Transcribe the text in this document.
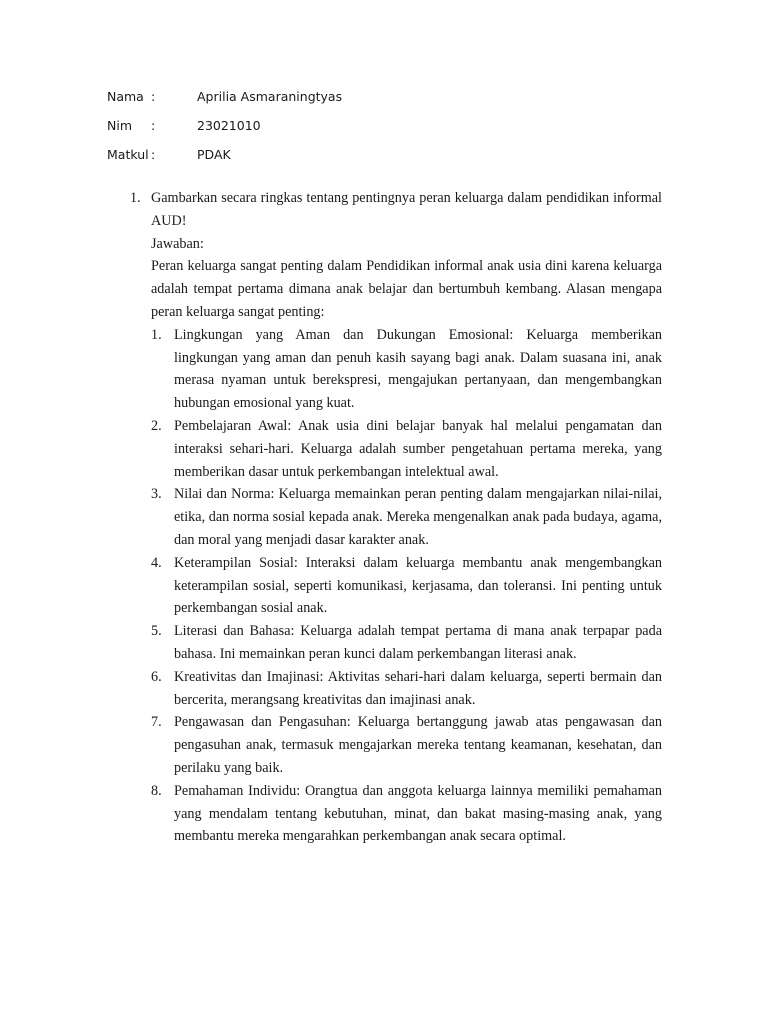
Nama :	Aprilia Asmaraningtyas
Nim :	23021010
Matkul :	PDAK
1. Gambarkan secara ringkas tentang pentingnya peran keluarga dalam pendidikan informal AUD!
Jawaban:
Peran keluarga sangat penting dalam Pendidikan informal anak usia dini karena keluarga adalah tempat pertama dimana anak belajar dan bertumbuh kembang. Alasan mengapa peran keluarga sangat penting:
1. Lingkungan yang Aman dan Dukungan Emosional: Keluarga memberikan lingkungan yang aman dan penuh kasih sayang bagi anak. Dalam suasana ini, anak merasa nyaman untuk berekspresi, mengajukan pertanyaan, dan mengembangkan hubungan emosional yang kuat.
2. Pembelajaran Awal: Anak usia dini belajar banyak hal melalui pengamatan dan interaksi sehari-hari. Keluarga adalah sumber pengetahuan pertama mereka, yang memberikan dasar untuk perkembangan intelektual awal.
3. Nilai dan Norma: Keluarga memainkan peran penting dalam mengajarkan nilai-nilai, etika, dan norma sosial kepada anak. Mereka mengenalkan anak pada budaya, agama, dan moral yang menjadi dasar karakter anak.
4. Keterampilan Sosial: Interaksi dalam keluarga membantu anak mengembangkan keterampilan sosial, seperti komunikasi, kerjasama, dan toleransi. Ini penting untuk perkembangan sosial anak.
5. Literasi dan Bahasa: Keluarga adalah tempat pertama di mana anak terpapar pada bahasa. Ini memainkan peran kunci dalam perkembangan literasi anak.
6. Kreativitas dan Imajinasi: Aktivitas sehari-hari dalam keluarga, seperti bermain dan bercerita, merangsang kreativitas dan imajinasi anak.
7. Pengawasan dan Pengasuhan: Keluarga bertanggung jawab atas pengawasan dan pengasuhan anak, termasuk mengajarkan mereka tentang keamanan, kesehatan, dan perilaku yang baik.
8. Pemahaman Individu: Orangtua dan anggota keluarga lainnya memiliki pemahaman yang mendalam tentang kebutuhan, minat, dan bakat masing-masing anak, yang membantu mereka mengarahkan perkembangan anak secara optimal.
